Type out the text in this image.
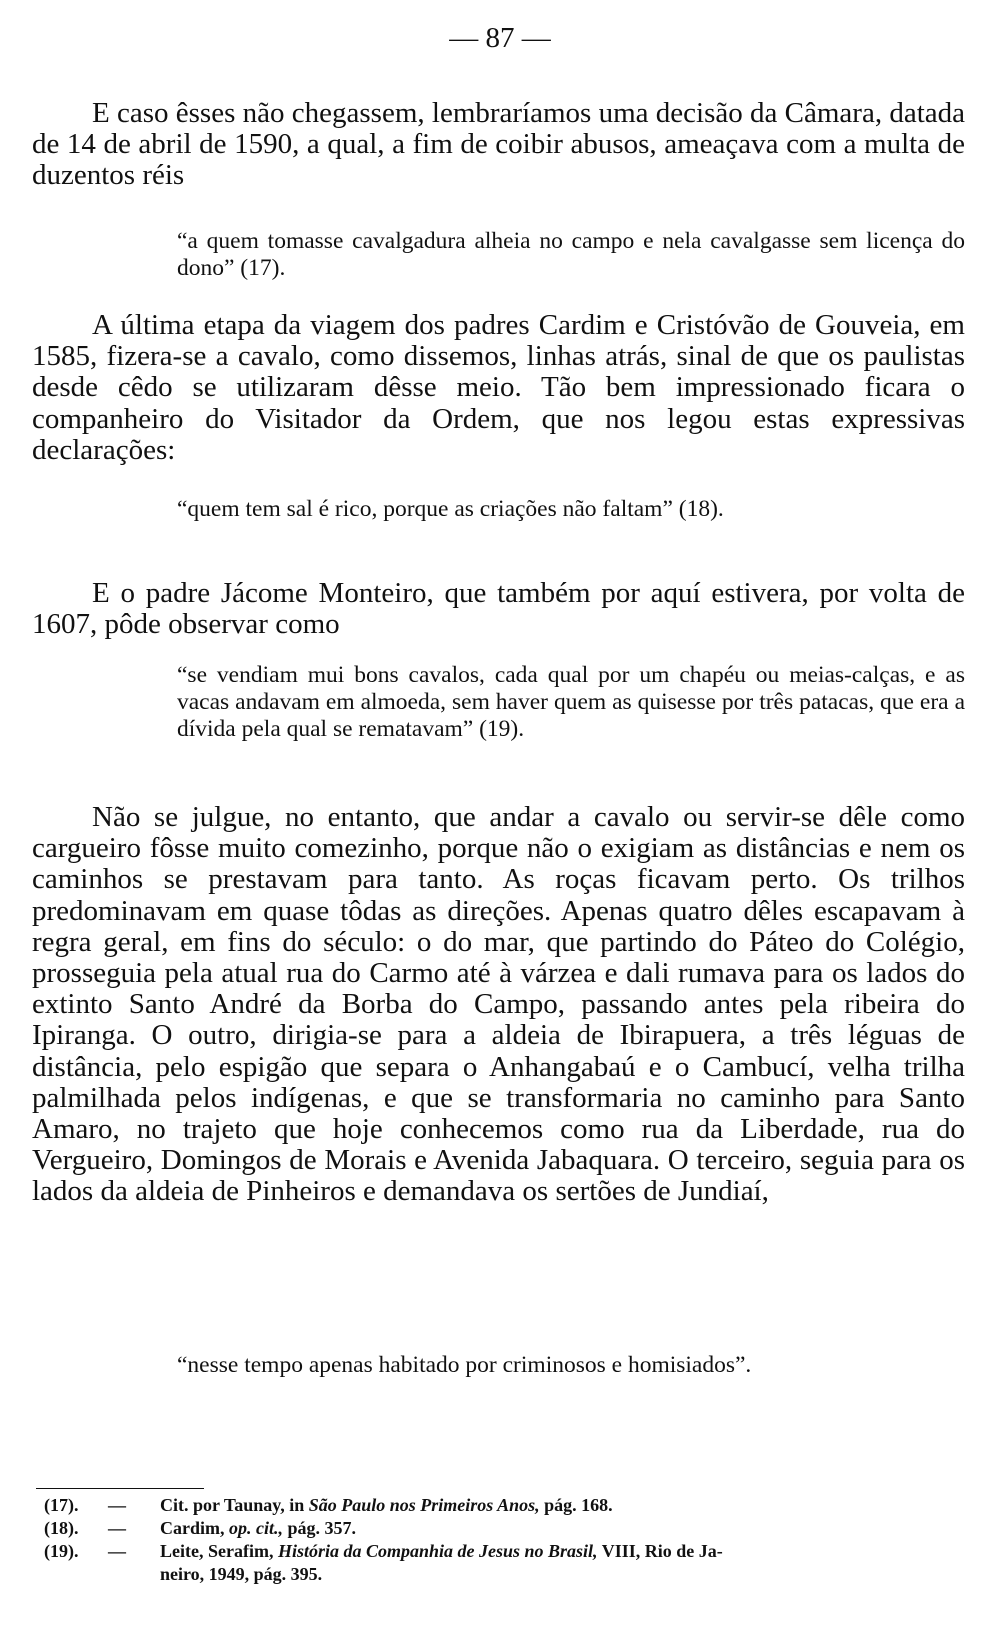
— 87 —

E caso êsses não chegassem, lembraríamos uma decisão da Câmara, datada de 14 de abril de 1590, a qual, a fim de coibir abusos, ameaçava com a multa de duzentos réis

“a quem tomasse cavalgadura alheia no campo e nela cavalgasse sem licença do dono” (17).

A última etapa da viagem dos padres Cardim e Cristóvão de Gouveia, em 1585, fizera-se a cavalo, como dissemos, linhas atrás, sinal de que os paulistas desde cêdo se utilizaram dêsse meio. Tão bem impressionado ficara o companheiro do Visitador da Ordem, que nos legou estas expressivas declarações:

“quem tem sal é rico, porque as criações não faltam” (18).

E o padre Jácome Monteiro, que também por aquí estivera, por volta de 1607, pôde observar como

“se vendiam mui bons cavalos, cada qual por um chapéu ou meias-calças, e as vacas andavam em almoeda, sem haver quem as quisesse por três patacas, que era a dívida pela qual se rematavam” (19).

Não se julgue, no entanto, que andar a cavalo ou servir-se dêle como cargueiro fôsse muito comezinho, porque não o exigiam as distâncias e nem os caminhos se prestavam para tanto. As roças ficavam perto. Os trilhos predominavam em quase tôdas as direções. Apenas quatro dêles escapavam à regra geral, em fins do século: o do mar, que partindo do Páteo do Colégio, prosseguia pela atual rua do Carmo até à várzea e dali rumava para os lados do extinto Santo André da Borba do Campo, passando antes pela ribeira do Ipiranga. O outro, dirigia-se para a aldeia de Ibirapuera, a três léguas de distância, pelo espigão que separa o Anhangabaú e o Cambucí, velha trilha palmilhada pelos indígenas, e que se transformaria no caminho para Santo Amaro, no trajeto que hoje conhecemos como rua da Liberdade, rua do Vergueiro, Domingos de Morais e Avenida Jabaquara. O terceiro, seguia para os lados da aldeia de Pinheiros e demandava os sertões de Jundiaí,

“nesse tempo apenas habitado por criminosos e homisiados”.

(17). — Cit. por Taunay, in São Paulo nos Primeiros Anos, pág. 168.

(18). — Cardim, op. cit., pág. 357.

(19). — Leite, Serafim, História da Companhia de Jesus no Brasil, VIII, Rio de Ja-
neiro, 1949, pág. 395.
